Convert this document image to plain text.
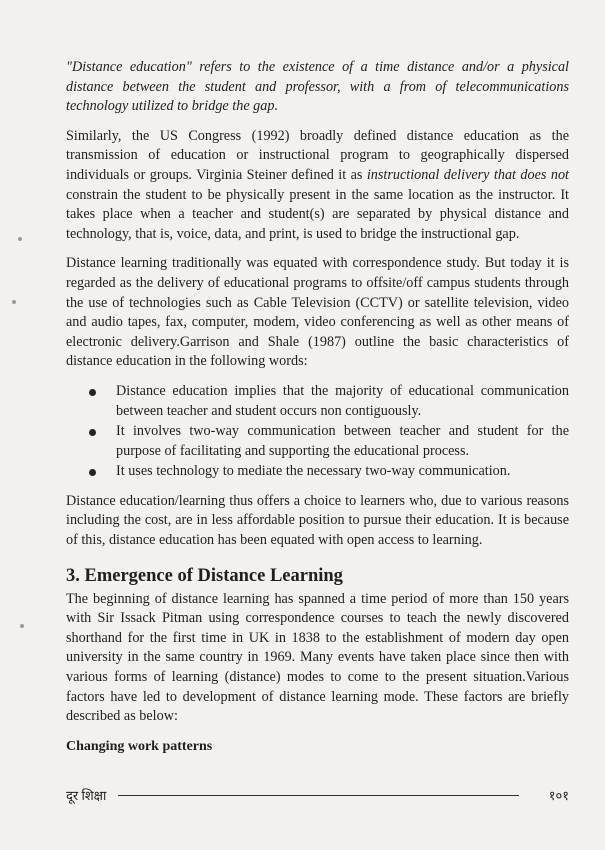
"Distance education" refers to the existence of a time distance and/or a physical distance between the student and professor, with a from of telecommunications technology utilized to bridge the gap.

Similarly, the US Congress (1992) broadly defined distance education as the transmission of education or instructional program to geographically dispersed individuals or groups. Virginia Steiner defined it as instructional delivery that does not constrain the student to be physically present in the same location as the instructor. It takes place when a teacher and student(s) are separated by physical distance and technology, that is, voice, data, and print, is used to bridge the instructional gap.

Distance learning traditionally was equated with correspondence study. But today it is regarded as the delivery of educational programs to offsite/off campus students through the use of technologies such as Cable Television (CCTV) or satellite television, video and audio tapes, fax, computer, modem, video conferencing as well as other means of electronic delivery.Garrison and Shale (1987) outline the basic characteristics of distance education in the following words:

Distance education implies that the majority of educational communication between teacher and student occurs non contiguously.
It involves two-way communication between teacher and student for the purpose of facilitating and supporting the educational process.
It uses technology to mediate the necessary two-way communication.

Distance education/learning thus offers a choice to learners who, due to various reasons including the cost, are in less affordable position to pursue their education. It is because of this, distance education has been equated with open access to learning.

3. Emergence of Distance Learning

The beginning of distance learning has spanned a time period of more than 150 years with Sir Issack Pitman using correspondence courses to teach the newly discovered shorthand for the first time in UK in 1838 to the establishment of modern day open university in the same country in 1969. Many events have taken place since then with various forms of learning (distance) modes to come to the present situation.Various factors have led to development of distance learning mode. These factors are briefly described as below:

Changing work patterns
दूर शिक्षा	१०१
